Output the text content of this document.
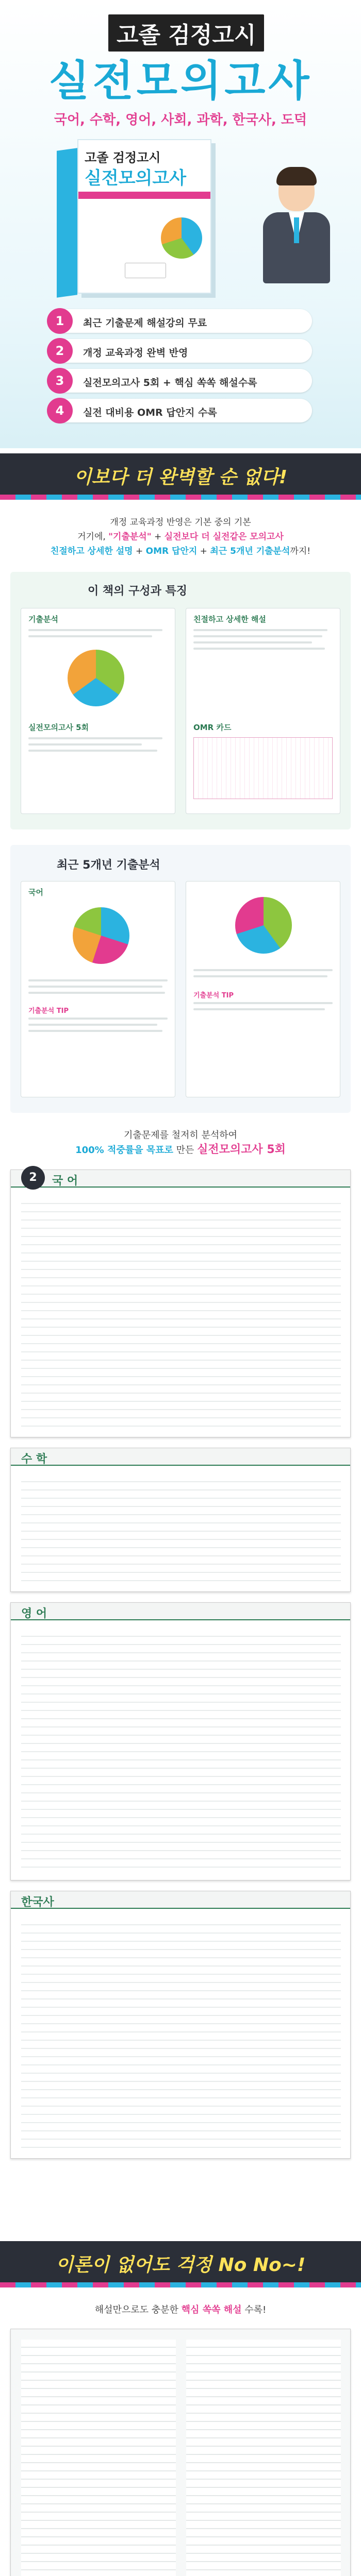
고졸 검정고시
실전모의고사
국어, 수학, 영어, 사회, 과학, 한국사, 도덕
고졸 검정고시
실전모의고사
1	최근 기출문제 해설강의 무료
2	개정 교육과정 완벽 반영
3	실전모의고사 5회 + 핵심 쏙쏙 해설수록
4	실전 대비용 OMR 답안지 수록
이보다 더 완벽할 순 없다!
개정 교육과정 반영은 기본 중의 기본
거기에, "기출분석" + 실전보다 더 실전같은 모의고사
친절하고 상세한 설명 + OMR 답안지 + 최근 5개년 기출분석까지!
이 책의 구성과 특징
기출분석
실전모의고사 5회
친절하고 상세한 해설
OMR 카드
최근 5개년 기출분석
국어
기출분석 TIP
기출분석 TIP
기출문제를 철저히 분석하여
100% 적중률을 목표로 만든 실전모의고사 5회
2	국 어
수 학
영 어
한국사
이론이 없어도 걱정 No No~!
해설만으로도 충분한 핵심 쏙쏙 해설 수록!
